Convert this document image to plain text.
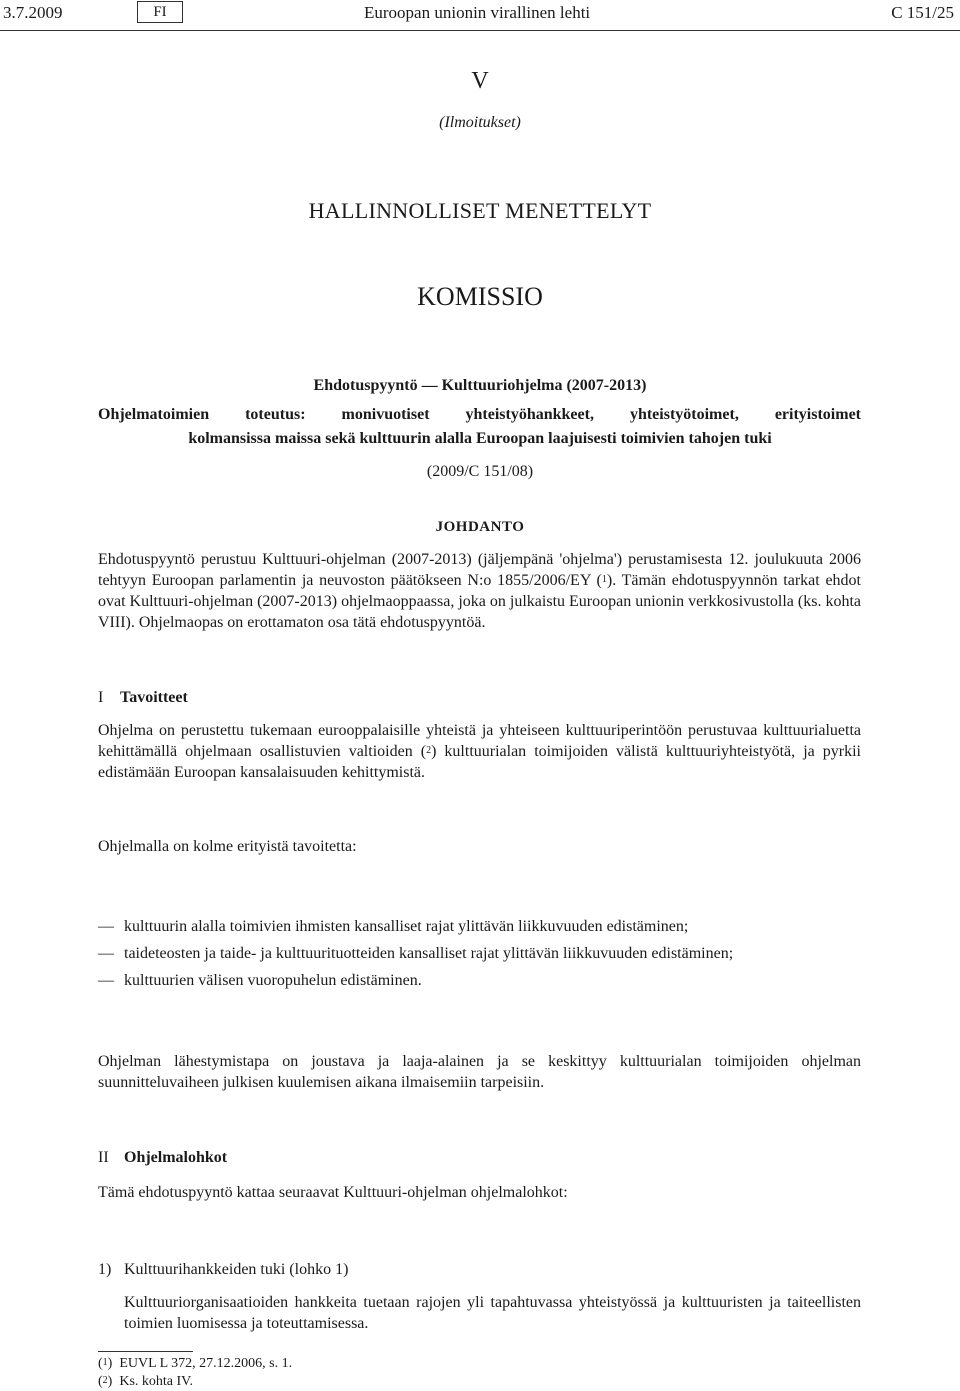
3.7.2009	FI	Euroopan unionin virallinen lehti	C 151/25
V
(Ilmoitukset)
HALLINNOLLISET MENETTELYT
KOMISSIO
Ehdotuspyyntö — Kulttuuriohjelma (2007-2013)
Ohjelmatoimien toteutus: monivuotiset yhteistyöhankkeet, yhteistyötoimet, erityistoimet
kolmansissa maissa sekä kulttuurin alalla Euroopan laajuisesti toimivien tahojen tuki
(2009/C 151/08)
JOHDANTO

Ehdotuspyyntö perustuu Kulttuuri-ohjelman (2007-2013) (jäljempänä 'ohjelma') perustamisesta 12. joulukuuta 2006 tehtyyn Euroopan parlamentin ja neuvoston päätökseen N:o 1855/2006/EY ($^1$). Tämän ehdotuspyynnön tarkat ehdot ovat Kulttuuri-ohjelman (2007-2013) ohjelmaoppaassa, joka on julkaistu Euroopan unionin verkkosivustolla (ks. kohta VIII). Ohjelmaopas on erottamaton osa tätä ehdotuspyyntöä.

I Tavoitteet

Ohjelma on perustettu tukemaan eurooppalaisille yhteistä ja yhteiseen kulttuuriperintöön perustuvaa kulttuurialuetta kehittämällä ohjelmaan osallistuvien valtioiden ($^2$) kulttuurialan toimijoiden välistä kulttuuriyhteistyötä, ja pyrkii edistämään Euroopan kansalaisuuden kehittymistä.

Ohjelmalla on kolme erityistä tavoitetta:
— kulttuurin alalla toimivien ihmisten kansalliset rajat ylittävän liikkuvuuden edistäminen;
— taideteosten ja taide- ja kulttuurituotteiden kansalliset rajat ylittävän liikkuvuuden edistäminen;
— kulttuurien välisen vuoropuhelun edistäminen.
Ohjelman lähestymistapa on joustava ja laaja-alainen ja se keskittyy kulttuurialan toimijoiden ohjelman suunnitteluvaiheen julkisen kuulemisen aikana ilmaisemiin tarpeisiin.
II Ohjelmalohkot
Tämä ehdotuspyyntö kattaa seuraavat Kulttuuri-ohjelman ohjelmalohkot:
1) Kulttuurihankkeiden tuki (lohko 1)
Kulttuuriorganisaatioiden hankkeita tuetaan rajojen yli tapahtuvassa yhteistyössä ja kulttuuristen ja taiteellisten toimien luomisessa ja toteuttamisessa.
($^1$)  EUVL L 372, 27.12.2006, s. 1.
($^2$)  Ks. kohta IV.
